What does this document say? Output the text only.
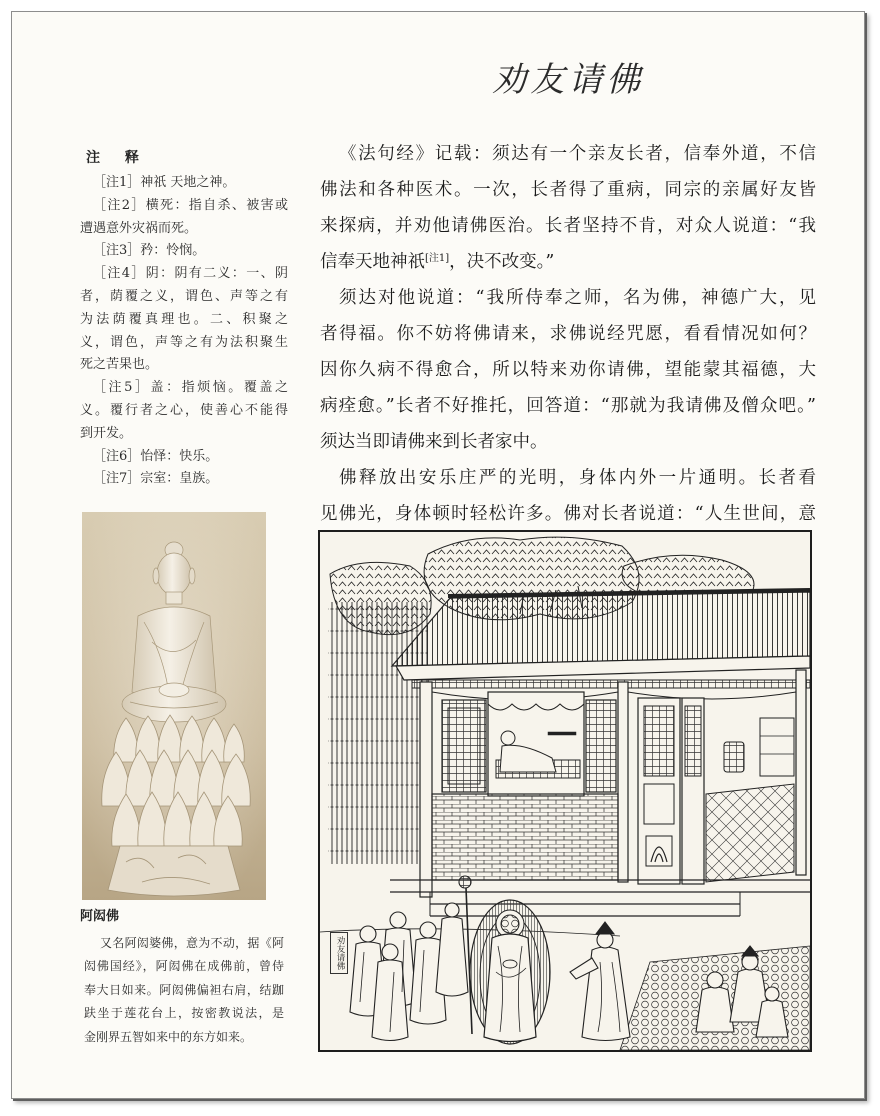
劝友请佛
注 释
［注1］神祇 天地之神。
［注2］横死：指自杀、被害或
遭遇意外灾祸而死。
［注3］矜：怜悯。
［注4］阴：阴有二义：一、阴
者，荫覆之义，谓色、声等之有
为法荫覆真理也。二、积聚之
义，谓色，声等之有为法积聚生
死之苦果也。
［注5］盖：指烦恼。覆盖之
义。覆行者之心，使善心不能得
到开发。
［注6］怡怿：快乐。
［注7］宗室：皇族。
《法句经》记载：须达有一个亲友长者，信奉外道，不信
佛法和各种医术。一次，长者得了重病，同宗的亲属好友皆
来探病，并劝他请佛医治。长者坚持不肯，对众人说道：“我
信奉天地神祇[注1]，决不改变。”
须达对他说道：“我所侍奉之师，名为佛，神德广大，见
者得福。你不妨将佛请来，求佛说经咒愿，看看情况如何？
因你久病不得愈合，所以特来劝你请佛，望能蒙其福德，大
病痊愈。”长者不好推托，回答道：“那就为我请佛及僧众吧。”
须达当即请佛来到长者家中。
佛释放出安乐庄严的光明，身体内外一片通明。长者看
见佛光，身体顿时轻松许多。佛对长者说道：“人生世间，意
阿闳佛
又名阿闳婆佛，意为不动，据《阿
闳佛国经》，阿闳佛在成佛前，曾侍
奉大日如来。阿闳佛偏袒右肩，结跏
趺坐于莲花台上，按密教说法，是
金刚界五智如来中的东方如来。
劝友请佛
